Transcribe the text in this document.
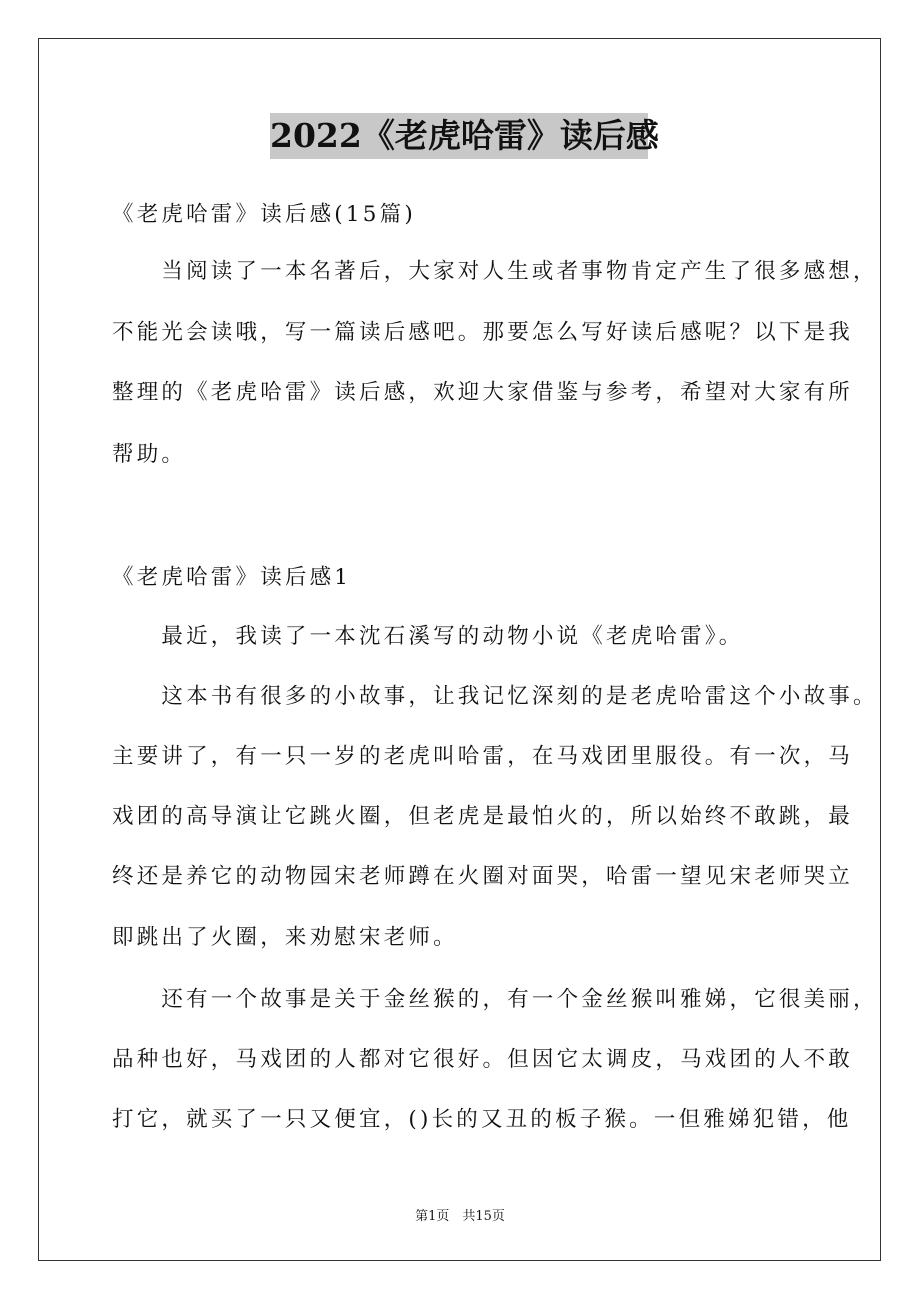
2022《老虎哈雷》读后感
《老虎哈雷》读后感(15篇)
　　当阅读了一本名著后，大家对人生或者事物肯定产生了很多感想，
不能光会读哦，写一篇读后感吧。那要怎么写好读后感呢？以下是我
整理的《老虎哈雷》读后感，欢迎大家借鉴与参考，希望对大家有所
帮助。
《老虎哈雷》读后感1
　　最近，我读了一本沈石溪写的动物小说《老虎哈雷》。
　　这本书有很多的小故事，让我记忆深刻的是老虎哈雷这个小故事。
主要讲了，有一只一岁的老虎叫哈雷，在马戏团里服役。有一次，马
戏团的高导演让它跳火圈，但老虎是最怕火的，所以始终不敢跳，最
终还是养它的动物园宋老师蹲在火圈对面哭，哈雷一望见宋老师哭立
即跳出了火圈，来劝慰宋老师。
　　还有一个故事是关于金丝猴的，有一个金丝猴叫雅娣，它很美丽，
品种也好，马戏团的人都对它很好。但因它太调皮，马戏团的人不敢
打它，就买了一只又便宜，()长的又丑的板子猴。一但雅娣犯错，他
第1页　共15页
